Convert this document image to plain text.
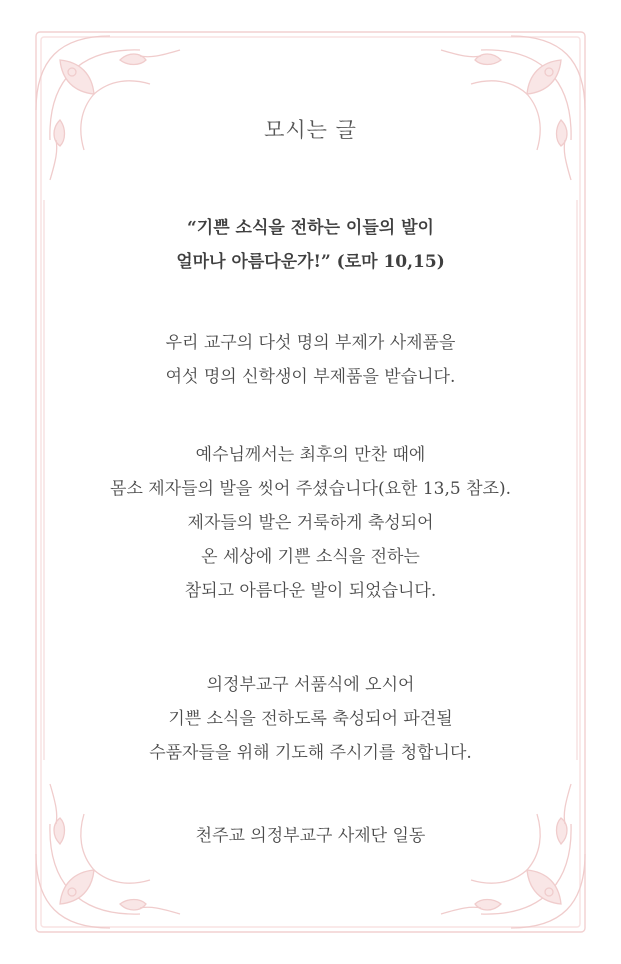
모시는 글

“기쁜 소식을 전하는 이들의 발이
얼마나 아름다운가!” (로마 10,15)

우리 교구의 다섯 명의 부제가 사제품을
여섯 명의 신학생이 부제품을 받습니다.

예수님께서는 최후의 만찬 때에
몸소 제자들의 발을 씻어 주셨습니다(요한 13,5 참조).
제자들의 발은 거룩하게 축성되어
온 세상에 기쁜 소식을 전하는
참되고 아름다운 발이 되었습니다.

의정부교구 서품식에 오시어
기쁜 소식을 전하도록 축성되어 파견될
수품자들을 위해 기도해 주시기를 청합니다.

천주교 의정부교구 사제단 일동
